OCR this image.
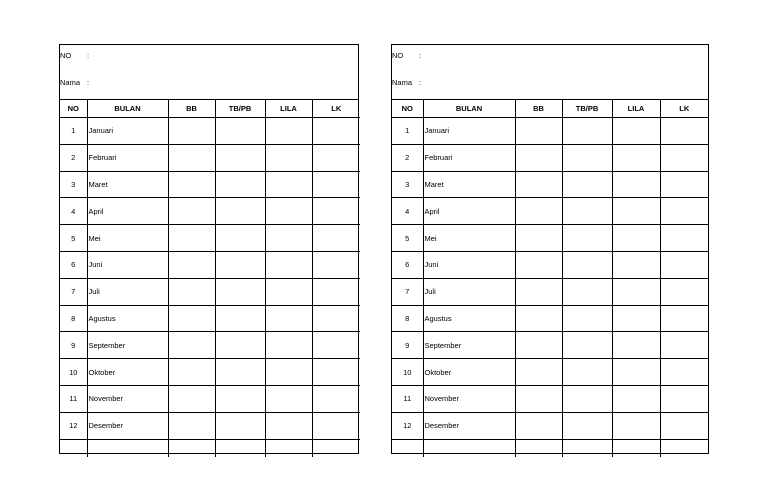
NO :
Nama :
NO	BULAN	BB	TB/PB	LILA	LK
1	Januari				
2	Februari				
3	Maret				
4	April				
5	Mei				
6	Juni				
7	Juli				
8	Agustus				
9	September				
10	Oktober				
11	November				
12	Desember				

NO :
Nama :
NO	BULAN	BB	TB/PB	LILA	LK
1	Januari				
2	Februari				
3	Maret				
4	April				
5	Mei				
6	Juni				
7	Juli				
8	Agustus				
9	September				
10	Oktober				
11	November				
12	Desember				
